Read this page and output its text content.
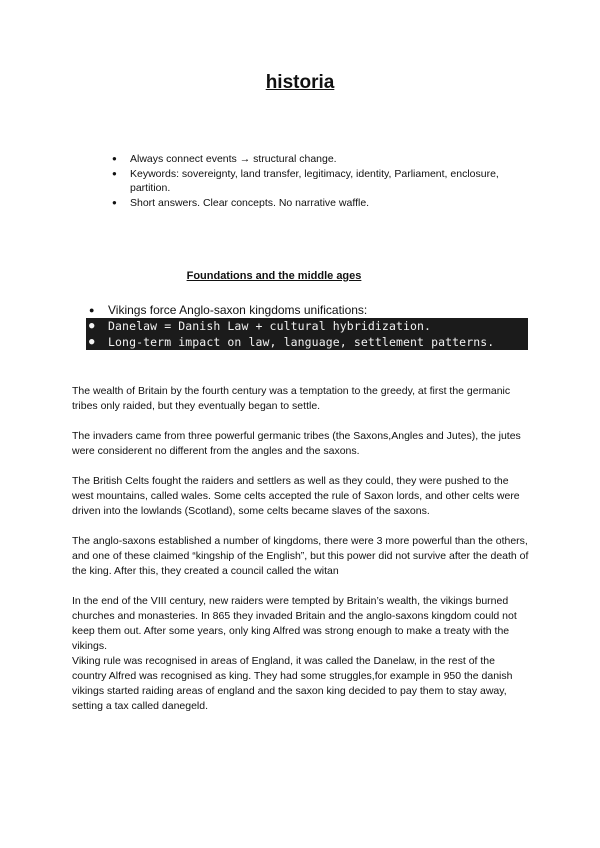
historia
● Always connect events → structural change.
● Keywords: sovereignty, land transfer, legitimacy, identity, Parliament, enclosure, partition.
● Short answers. Clear concepts. No narrative waffle.
Foundations and the middle ages
● Vikings force Anglo-saxon kingdoms unifications:
● Danelaw = Danish Law + cultural hybridization.
● Long-term impact on law, language, settlement patterns.

The wealth of Britain by the fourth century was a temptation to the greedy, at first the germanic tribes only raided, but they eventually began to settle.

The invaders came from three powerful germanic tribes (the Saxons,Angles and Jutes), the jutes were considerent no different from the angles and the saxons.

The British Celts fought the raiders and settlers as well as they could, they were pushed to the west mountains, called wales. Some celts accepted the rule of Saxon lords, and other celts were driven into the lowlands (Scotland), some celts became slaves of the saxons.

The anglo-saxons established a number of kingdoms, there were 3 more powerful than the others, and one of these claimed “kingship of the English”, but this power did not survive after the death of the king. After this, they created a council called the witan

In the end of the VIII century, new raiders were tempted by Britain’s wealth, the vikings burned churches and monasteries. In 865 they invaded Britain and the anglo-saxons kingdom could not keep them out. After some years, only king Alfred was strong enough to make a treaty with the vikings.

Viking rule was recognised in areas of England, it was called the Danelaw, in the rest of the country Alfred was recognised as king. They had some struggles,for example in 950 the danish vikings started raiding areas of england and the saxon king decided to pay them to stay away, setting a tax called danegeld.
